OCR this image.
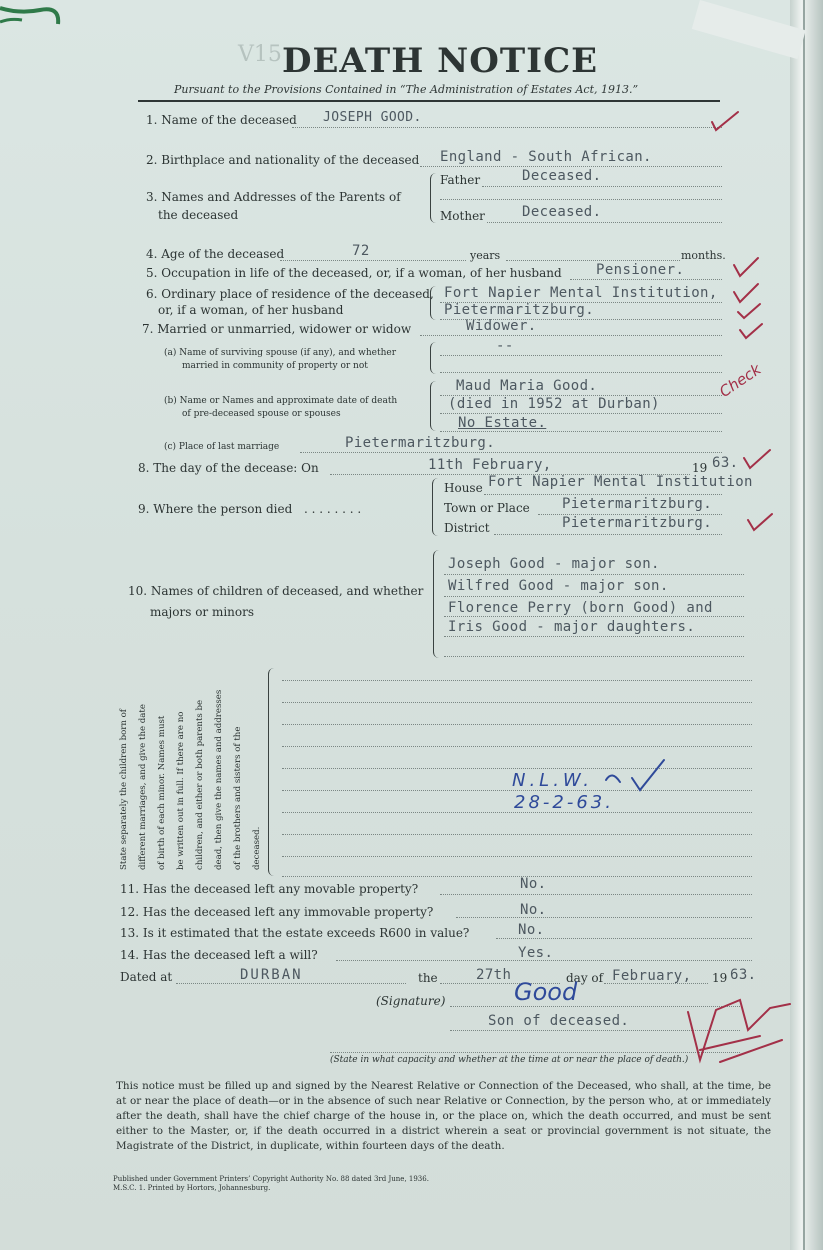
V15 DEATH NOTICE
Pursuant to the Provisions Contained in “The Administration of Estates Act, 1913.”
1. Name of the deceased JOSEPH GOOD.
2. Birthplace and nationality of the deceased England - South African.
3. Names and Addresses of the Parents of
the deceased
Father	Deceased.
Mother	Deceased.
4. Age of the deceased	72	years	months.
5. Occupation in life of the deceased, or, if a woman, of her husband Pensioner.
6. Ordinary place of residence of the deceased,
or, if a woman, of her husband
Fort Napier Mental Institution,
Pietermaritzburg.
7. Married or unmarried, widower or widow	Widower.
(a) Name of surviving spouse (if any), and whether
married in community of property or not
--
(b) Name or Names and approximate date of death
of pre-deceased spouse or spouses
Maud Maria Good.
(died in 1952 at Durban)
No Estate.
(c) Place of last marriage	Pietermaritzburg.
8. The day of the decease: On	11th February,	19 63.
9. Where the person died . . . . . . . .
House Fort Napier Mental Institution
Town or Place Pietermaritzburg.
District	Pietermaritzburg.
10. Names of children of deceased, and whether
majors or minors
Joseph Good - major son.
Wilfred Good - major son.
Florence Perry (born Good) and
Iris Good - major daughters.
State separately the children born of different marriages, and give the date of birth of each minor. Names must be written out in full. If there are no children, and either or both parents be dead, then give the names and addresses of the brothers and sisters of the deceased.
N.L.W.
28-2-63.
11. Has the deceased left any movable property?	No.
12. Has the deceased left any immovable property?	No.
13. Is it estimated that the estate exceeds R600 in value?	No.
14. Has the deceased left a will?	Yes.
Dated at	DURBAN	the	27th	day of February, 19 63.
(Signature)	Good
Son of deceased.
(State in what capacity and whether at the time at or near the place of death.)
This notice must be filled up and signed by the Nearest Relative or Connection of the Deceased, who shall, at the time, be at or near the place of death—or in the absence of such near Relative or Connection, by the person who, at or immediately after the death, shall have the chief charge of the house in, or the place on, which the death occurred, and must be sent either to the Master, or, if the death occurred in a district wherein a seat or provincial government is not situate, the Magistrate of the District, in duplicate, within fourteen days of the death.
Published under Government Printers’ Copyright Authority No. 88 dated 3rd June, 1936.
M.S.C. 1. Printed by Hortors, Johannesburg.
Check
